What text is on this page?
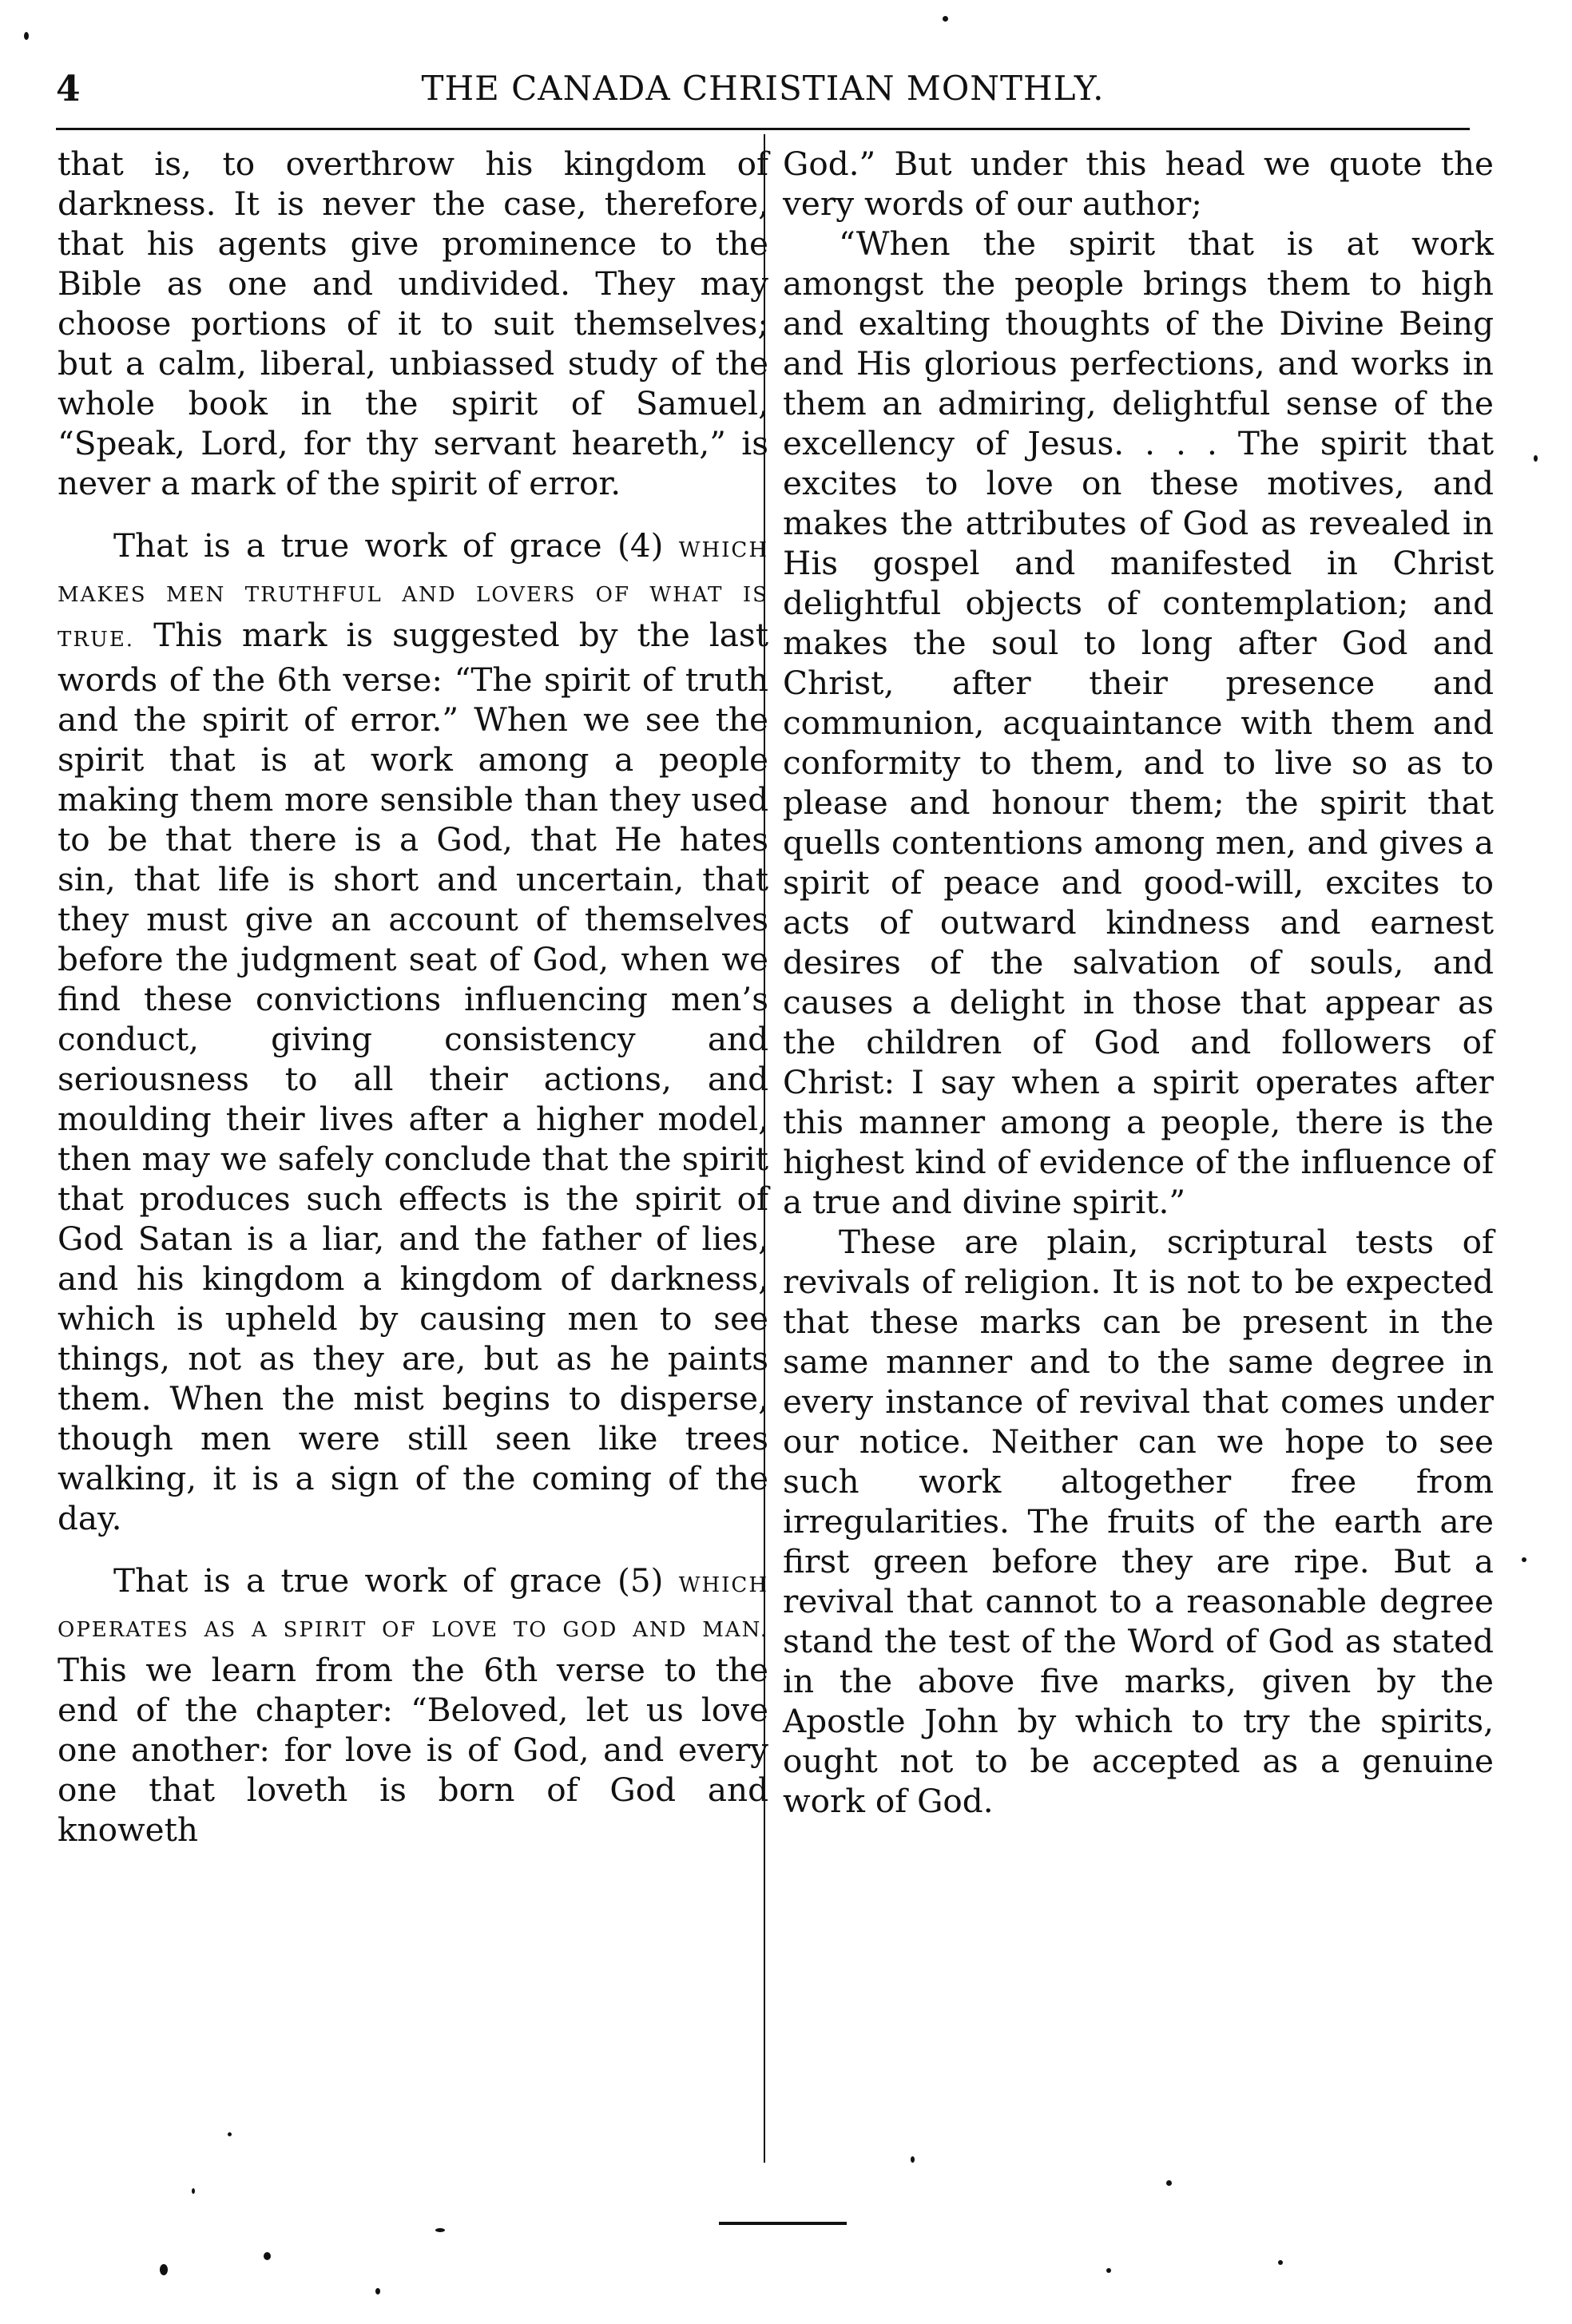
4	THE CANADA CHRISTIAN MONTHLY.

that is, to overthrow his kingdom of darkness. It is never the case, therefore, that his agents give prominence to the Bible as one and undivided. They may choose portions of it to suit themselves; but a calm, liberal, unbiassed study of the whole book in the spirit of Samuel, “Speak, Lord, for thy servant heareth,” is never a mark of the spirit of error.

That is a true work of grace (4) WHICH MAKES MEN TRUTHFUL AND LOVERS OF WHAT IS TRUE. This mark is suggested by the last words of the 6th verse: “The spirit of truth and the spirit of error.” When we see the spirit that is at work among a people making them more sensible than they used to be that there is a God, that He hates sin, that life is short and uncertain, that they must give an account of themselves before the judgment seat of God, when we find these convictions influencing men’s conduct, giving consistency and seriousness to all their actions, and moulding their lives after a higher model, then may we safely conclude that the spirit that produces such effects is the spirit of God Satan is a liar, and the father of lies, and his kingdom a kingdom of darkness, which is upheld by causing men to see things, not as they are, but as he paints them. When the mist begins to disperse, though men were still seen like trees walking, it is a sign of the coming of the day.

That is a true work of grace (5) WHICH OPERATES AS A SPIRIT OF LOVE TO GOD AND MAN. This we learn from the 6th verse to the end of the chapter: “Beloved, let us love one another: for love is of God, and every one that loveth is born of God and knoweth

God.” But under this head we quote the very words of our author;

“When the spirit that is at work amongst the people brings them to high and exalting thoughts of the Divine Being and His glorious perfections, and works in them an admiring, delightful sense of the excellency of Jesus. . . . The spirit that excites to love on these motives, and makes the attributes of God as revealed in His gospel and manifested in Christ delightful objects of contemplation; and makes the soul to long after God and Christ, after their presence and communion, acquaintance with them and conformity to them, and to live so as to please and honour them; the spirit that quells contentions among men, and gives a spirit of peace and good-will, excites to acts of outward kindness and earnest desires of the salvation of souls, and causes a delight in those that appear as the children of God and followers of Christ: I say when a spirit operates after this manner among a people, there is the highest kind of evidence of the influence of a true and divine spirit.”

These are plain, scriptural tests of revivals of religion. It is not to be expected that these marks can be present in the same manner and to the same degree in every instance of revival that comes under our notice. Neither can we hope to see such work altogether free from irregularities. The fruits of the earth are first green before they are ripe. But a revival that cannot to a reasonable degree stand the test of the Word of God as stated in the above five marks, given by the Apostle John by which to try the spirits, ought not to be accepted as a genuine work of God.
